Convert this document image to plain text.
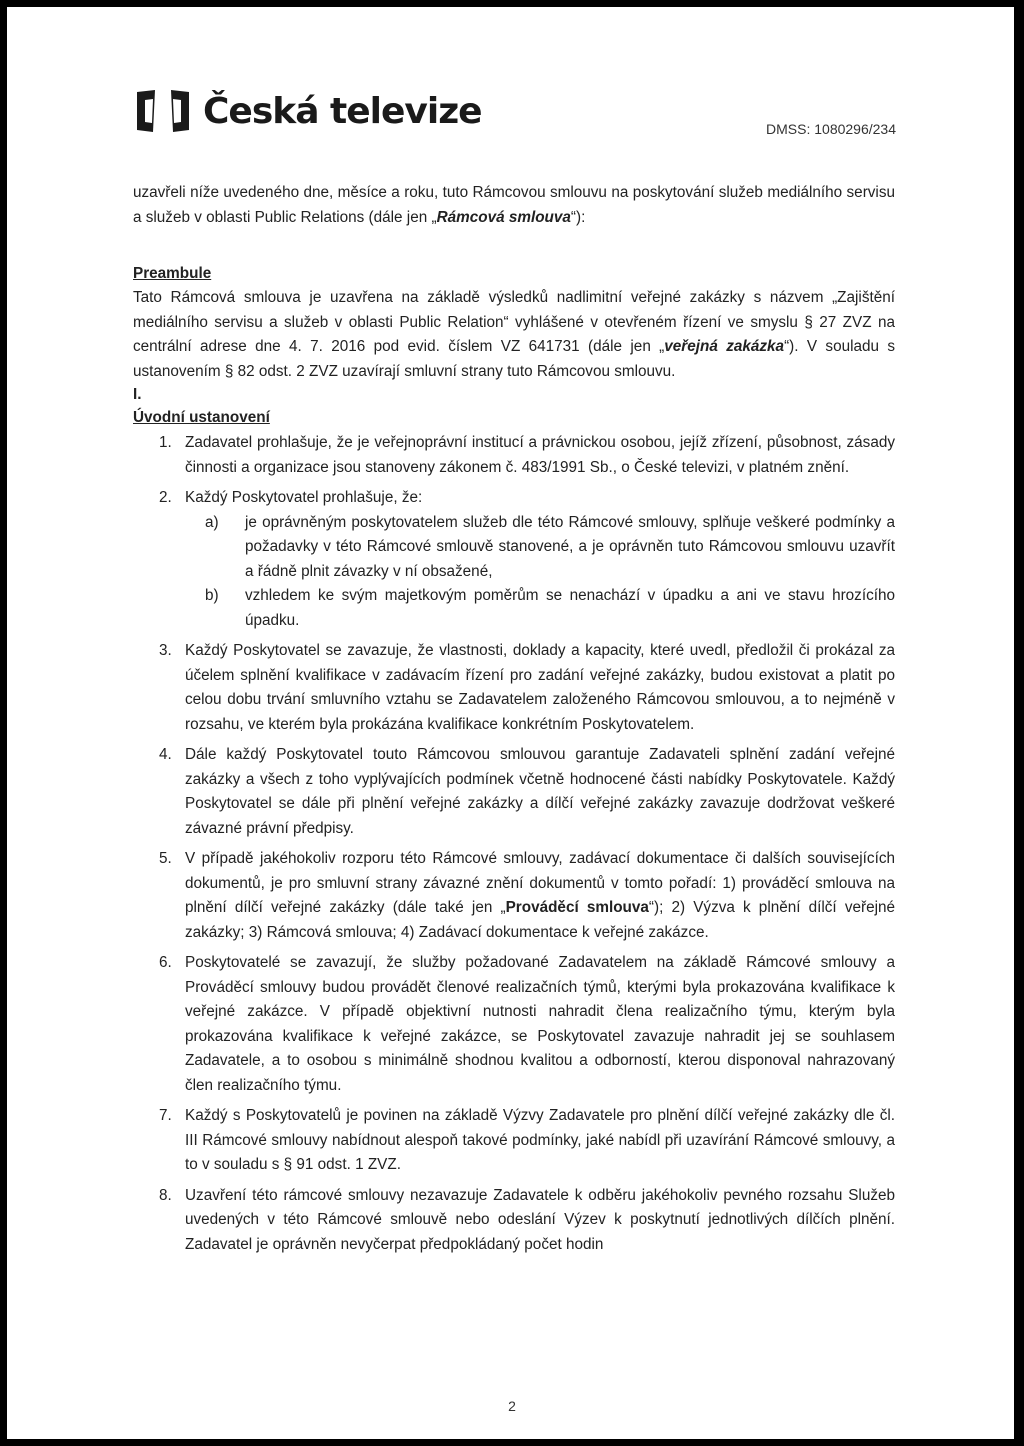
Česká televize	DMSS: 1080296/234

uzavřeli níže uvedeného dne, měsíce a roku, tuto Rámcovou smlouvu na poskytování služeb mediálního servisu a služeb v oblasti Public Relations (dále jen „Rámcová smlouva“):

Preambule

Tato Rámcová smlouva je uzavřena na základě výsledků nadlimitní veřejné zakázky s názvem „Zajištění mediálního servisu a služeb v oblasti Public Relation“ vyhlášené v otevřeném řízení ve smyslu § 27 ZVZ na centrální adrese dne 4. 7. 2016 pod evid. číslem VZ 641731 (dále jen „veřejná zakázka“). V souladu s ustanovením § 82 odst. 2 ZVZ uzavírají smluvní strany tuto Rámcovou smlouvu.

I.

Úvodní ustanovení

1. Zadavatel prohlašuje, že je veřejnoprávní institucí a právnickou osobou, jejíž zřízení, působnost, zásady činnosti a organizace jsou stanoveny zákonem č. 483/1991 Sb., o České televizi, v platném znění.

2. Každý Poskytovatel prohlašuje, že:

a)	je oprávněným poskytovatelem služeb dle této Rámcové smlouvy, splňuje veškeré podmínky a požadavky v této Rámcové smlouvě stanovené, a je oprávněn tuto Rámcovou smlouvu uzavřít a řádně plnit závazky v ní obsažené,
b)	vzhledem ke svým majetkovým poměrům se nenachází v úpadku a ani ve stavu hrozícího úpadku.
3. Každý Poskytovatel se zavazuje, že vlastnosti, doklady a kapacity, které uvedl, předložil či prokázal za účelem splnění kvalifikace v zadávacím řízení pro zadání veřejné zakázky, budou existovat a platit po celou dobu trvání smluvního vztahu se Zadavatelem založeného Rámcovou smlouvou, a to nejméně v rozsahu, ve kterém byla prokázána kvalifikace konkrétním Poskytovatelem.

4. Dále každý Poskytovatel touto Rámcovou smlouvou garantuje Zadavateli splnění zadání veřejné zakázky a všech z toho vyplývajících podmínek včetně hodnocené části nabídky Poskytovatele. Každý Poskytovatel se dále při plnění veřejné zakázky a dílčí veřejné zakázky zavazuje dodržovat veškeré závazné právní předpisy.

5. V případě jakéhokoliv rozporu této Rámcové smlouvy, zadávací dokumentace či dalších souvisejících dokumentů, je pro smluvní strany závazné znění dokumentů v tomto pořadí: 1) prováděcí smlouva na plnění dílčí veřejné zakázky (dále také jen „Prováděcí smlouva“); 2) Výzva k plnění dílčí veřejné zakázky; 3) Rámcová smlouva; 4) Zadávací dokumentace k veřejné zakázce.

6. Poskytovatelé se zavazují, že služby požadované Zadavatelem na základě Rámcové smlouvy a Prováděcí smlouvy budou provádět členové realizačních týmů, kterými byla prokazována kvalifikace k veřejné zakázce. V případě objektivní nutnosti nahradit člena realizačního týmu, kterým byla prokazována kvalifikace k veřejné zakázce, se Poskytovatel zavazuje nahradit jej se souhlasem Zadavatele, a to osobou s minimálně shodnou kvalitou a odborností, kterou disponoval nahrazovaný člen realizačního týmu.

7. Každý s Poskytovatelů je povinen na základě Výzvy Zadavatele pro plnění dílčí veřejné zakázky dle čl. III Rámcové smlouvy nabídnout alespoň takové podmínky, jaké nabídl při uzavírání Rámcové smlouvy, a to v souladu s § 91 odst. 1 ZVZ.

8. Uzavření této rámcové smlouvy nezavazuje Zadavatele k odběru jakéhokoliv pevného rozsahu Služeb uvedených v této Rámcové smlouvě nebo odeslání Výzev k poskytnutí jednotlivých dílčích plnění. Zadavatel je oprávněn nevyčerpat předpokládaný počet hodin

2
